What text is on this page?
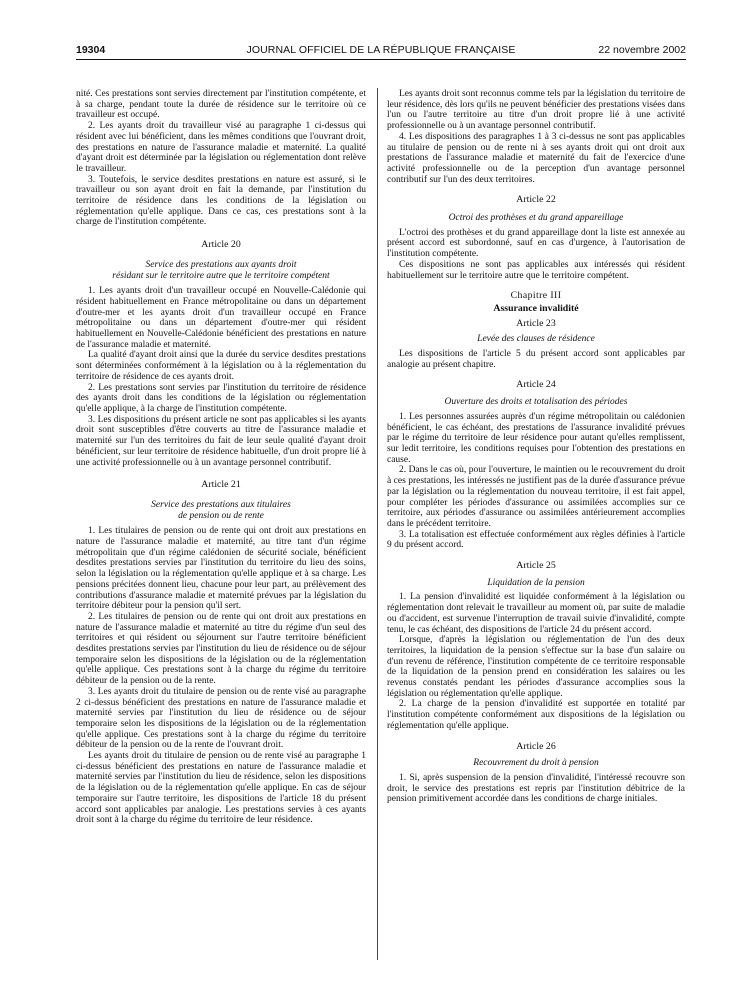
19304	JOURNAL OFFICIEL DE LA RÉPUBLIQUE FRANÇAISE	22 novembre 2002

nité. Ces prestations sont servies directement par l'institution compétente, et à sa charge, pendant toute la durée de résidence sur le territoire où ce travailleur est occupé.

2. Les ayants droit du travailleur visé au paragraphe 1 ci-dessus qui résident avec lui bénéficient, dans les mêmes conditions que l'ouvrant droit, des prestations en nature de l'assurance maladie et maternité. La qualité d'ayant droit est déterminée par la législation ou réglementation dont relève le travailleur.

3. Toutefois, le service desdites prestations en nature est assuré, si le travailleur ou son ayant droit en fait la demande, par l'institution du territoire de résidence dans les conditions de la législation ou réglementation qu'elle applique. Dans ce cas, ces prestations sont à la charge de l'institution compétente.

Article 20
Service des prestations aux ayants droit
résidant sur le territoire autre que le territoire compétent

1. Les ayants droit d'un travailleur occupé en Nouvelle-Calédonie qui résident habituellement en France métropolitaine ou dans un département d'outre-mer et les ayants droit d'un travailleur occupé en France métropolitaine ou dans un département d'outre-mer qui résident habituellement en Nouvelle-Calédonie bénéficient des prestations en nature de l'assurance maladie et maternité.

La qualité d'ayant droit ainsi que la durée du service desdites prestations sont déterminées conformément à la législation ou à la réglementation du territoire de résidence de ces ayants droit.

2. Les prestations sont servies par l'institution du territoire de résidence des ayants droit dans les conditions de la législation ou réglementation qu'elle applique, à la charge de l'institution compétente.

3. Les dispositions du présent article ne sont pas applicables si les ayants droit sont susceptibles d'être couverts au titre de l'assurance maladie et maternité sur l'un des territoires du fait de leur seule qualité d'ayant droit bénéficient, sur leur territoire de résidence habituelle, d'un droit propre lié à une activité professionnelle ou à un avantage personnel contributif.

Article 21
Service des prestations aux titulaires
de pension ou de rente

1. Les titulaires de pension ou de rente qui ont droit aux prestations en nature de l'assurance maladie et maternité, au titre tant d'un régime métropolitain que d'un régime calédonien de sécurité sociale, bénéficient desdites prestations servies par l'institution du territoire du lieu des soins, selon la législation ou la réglementation qu'elle applique et à sa charge. Les pensions précitées donnent lieu, chacune pour leur part, au prélèvement des contributions d'assurance maladie et maternité prévues par la législation du territoire débiteur pour la pension qu'il sert.

2. Les titulaires de pension ou de rente qui ont droit aux prestations en nature de l'assurance maladie et maternité au titre du régime d'un seul des territoires et qui résident ou séjournent sur l'autre territoire bénéficient desdites prestations servies par l'institution du lieu de résidence ou de séjour temporaire selon les dispositions de la législation ou de la réglementation qu'elle applique. Ces prestations sont à la charge du régime du territoire débiteur de la pension ou de la rente.

3. Les ayants droit du titulaire de pension ou de rente visé au paragraphe 2 ci-dessus bénéficient des prestations en nature de l'assurance maladie et maternité servies par l'institution du lieu de résidence ou de séjour temporaire selon les dispositions de la législation ou de la réglementation qu'elle applique. Ces prestations sont à la charge du régime du territoire débiteur de la pension ou de la rente de l'ouvrant droit.

Les ayants droit du titulaire de pension ou de rente visé au paragraphe 1 ci-dessus bénéficient des prestations en nature de l'assurance maladie et maternité servies par l'institution du lieu de résidence, selon les dispositions de la législation ou de la réglementation qu'elle applique. En cas de séjour temporaire sur l'autre territoire, les dispositions de l'article 18 du présent accord sont applicables par analogie. Les prestations servies à ces ayants droit sont à la charge du régime du territoire de leur résidence.

Les ayants droit sont reconnus comme tels par la législation du territoire de leur résidence, dès lors qu'ils ne peuvent bénéficier des prestations visées dans l'un ou l'autre territoire au titre d'un droit propre lié à une activité professionnelle ou à un avantage personnel contributif.

4. Les dispositions des paragraphes 1 à 3 ci-dessus ne sont pas applicables au titulaire de pension ou de rente ni à ses ayants droit qui ont droit aux prestations de l'assurance maladie et maternité du fait de l'exercice d'une activité professionnelle ou de la perception d'un avantage personnel contributif sur l'un des deux territoires.

Article 22
Octroi des prothèses et du grand appareillage

L'octroi des prothèses et du grand appareillage dont la liste est annexée au présent accord est subordonné, sauf en cas d'urgence, à l'autorisation de l'institution compétente.

Ces dispositions ne sont pas applicables aux intéressés qui résident habituellement sur le territoire autre que le territoire compétent.

Chapitre III
Assurance invalidité
Article 23
Levée des clauses de résidence

Les dispositions de l'article 5 du présent accord sont applicables par analogie au présent chapitre.

Article 24
Ouverture des droits et totalisation des périodes

1. Les personnes assurées auprès d'un régime métropolitain ou calédonien bénéficient, le cas échéant, des prestations de l'assurance invalidité prévues par le régime du territoire de leur résidence pour autant qu'elles remplissent, sur ledit territoire, les conditions requises pour l'obtention des prestations en cause.

2. Dans le cas où, pour l'ouverture, le maintien ou le recouvrement du droit à ces prestations, les intéressés ne justifient pas de la durée d'assurance prévue par la législation ou la réglementation du nouveau territoire, il est fait appel, pour compléter les périodes d'assurance ou assimilées accomplies sur ce territoire, aux périodes d'assurance ou assimilées antérieurement accomplies dans le précédent territoire.

3. La totalisation est effectuée conformément aux règles définies à l'article 9 du présent accord.

Article 25
Liquidation de la pension

1. La pension d'invalidité est liquidée conformément à la législation ou réglementation dont relevait le travailleur au moment où, par suite de maladie ou d'accident, est survenue l'interruption de travail suivie d'invalidité, compte tenu, le cas échéant, des dispositions de l'article 24 du présent accord.

Lorsque, d'après la législation ou réglementation de l'un des deux territoires, la liquidation de la pension s'effectue sur la base d'un salaire ou d'un revenu de référence, l'institution compétente de ce territoire responsable de la liquidation de la pension prend en considération les salaires ou les revenus constatés pendant les périodes d'assurance accomplies sous la législation ou réglementation qu'elle applique.

2. La charge de la pension d'invalidité est supportée en totalité par l'institution compétente conformément aux dispositions de la législation ou réglementation qu'elle applique.

Article 26
Recouvrement du droit à pension

1. Si, après suspension de la pension d'invalidité, l'intéressé recouvre son droit, le service des prestations est repris par l'institution débitrice de la pension primitivement accordée dans les conditions de charge initiales.
